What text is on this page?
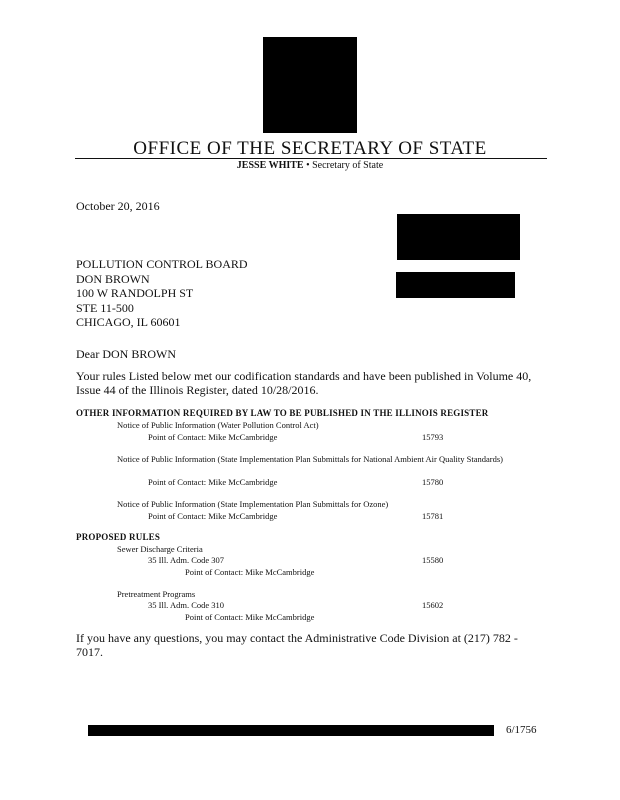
OFFICE OF THE SECRETARY OF STATE
JESSE WHITE • Secretary of State
October 20, 2016
POLLUTION CONTROL BOARD
DON BROWN
100 W RANDOLPH ST
STE 11-500
CHICAGO, IL 60601
Dear DON BROWN
Your rules Listed below met our codification standards and have been published in Volume 40, Issue 44 of the Illinois Register, dated 10/28/2016.
OTHER INFORMATION REQUIRED BY LAW TO BE PUBLISHED IN THE ILLINOIS REGISTER
Notice of Public Information (Water Pollution Control Act)
Point of Contact: Mike McCambridge	15793
Notice of Public Information (State Implementation Plan Submittals for National Ambient Air Quality Standards)
Point of Contact: Mike McCambridge	15780
Notice of Public Information (State Implementation Plan Submittals for Ozone)
Point of Contact: Mike McCambridge	15781
PROPOSED RULES
Sewer Discharge Criteria
35 Ill. Adm. Code 307	15580
Point of Contact: Mike McCambridge
Pretreatment Programs
35 Ill. Adm. Code 310	15602
Point of Contact: Mike McCambridge
If you have any questions, you may contact the Administrative Code Division at (217) 782 - 7017.
6/1756
